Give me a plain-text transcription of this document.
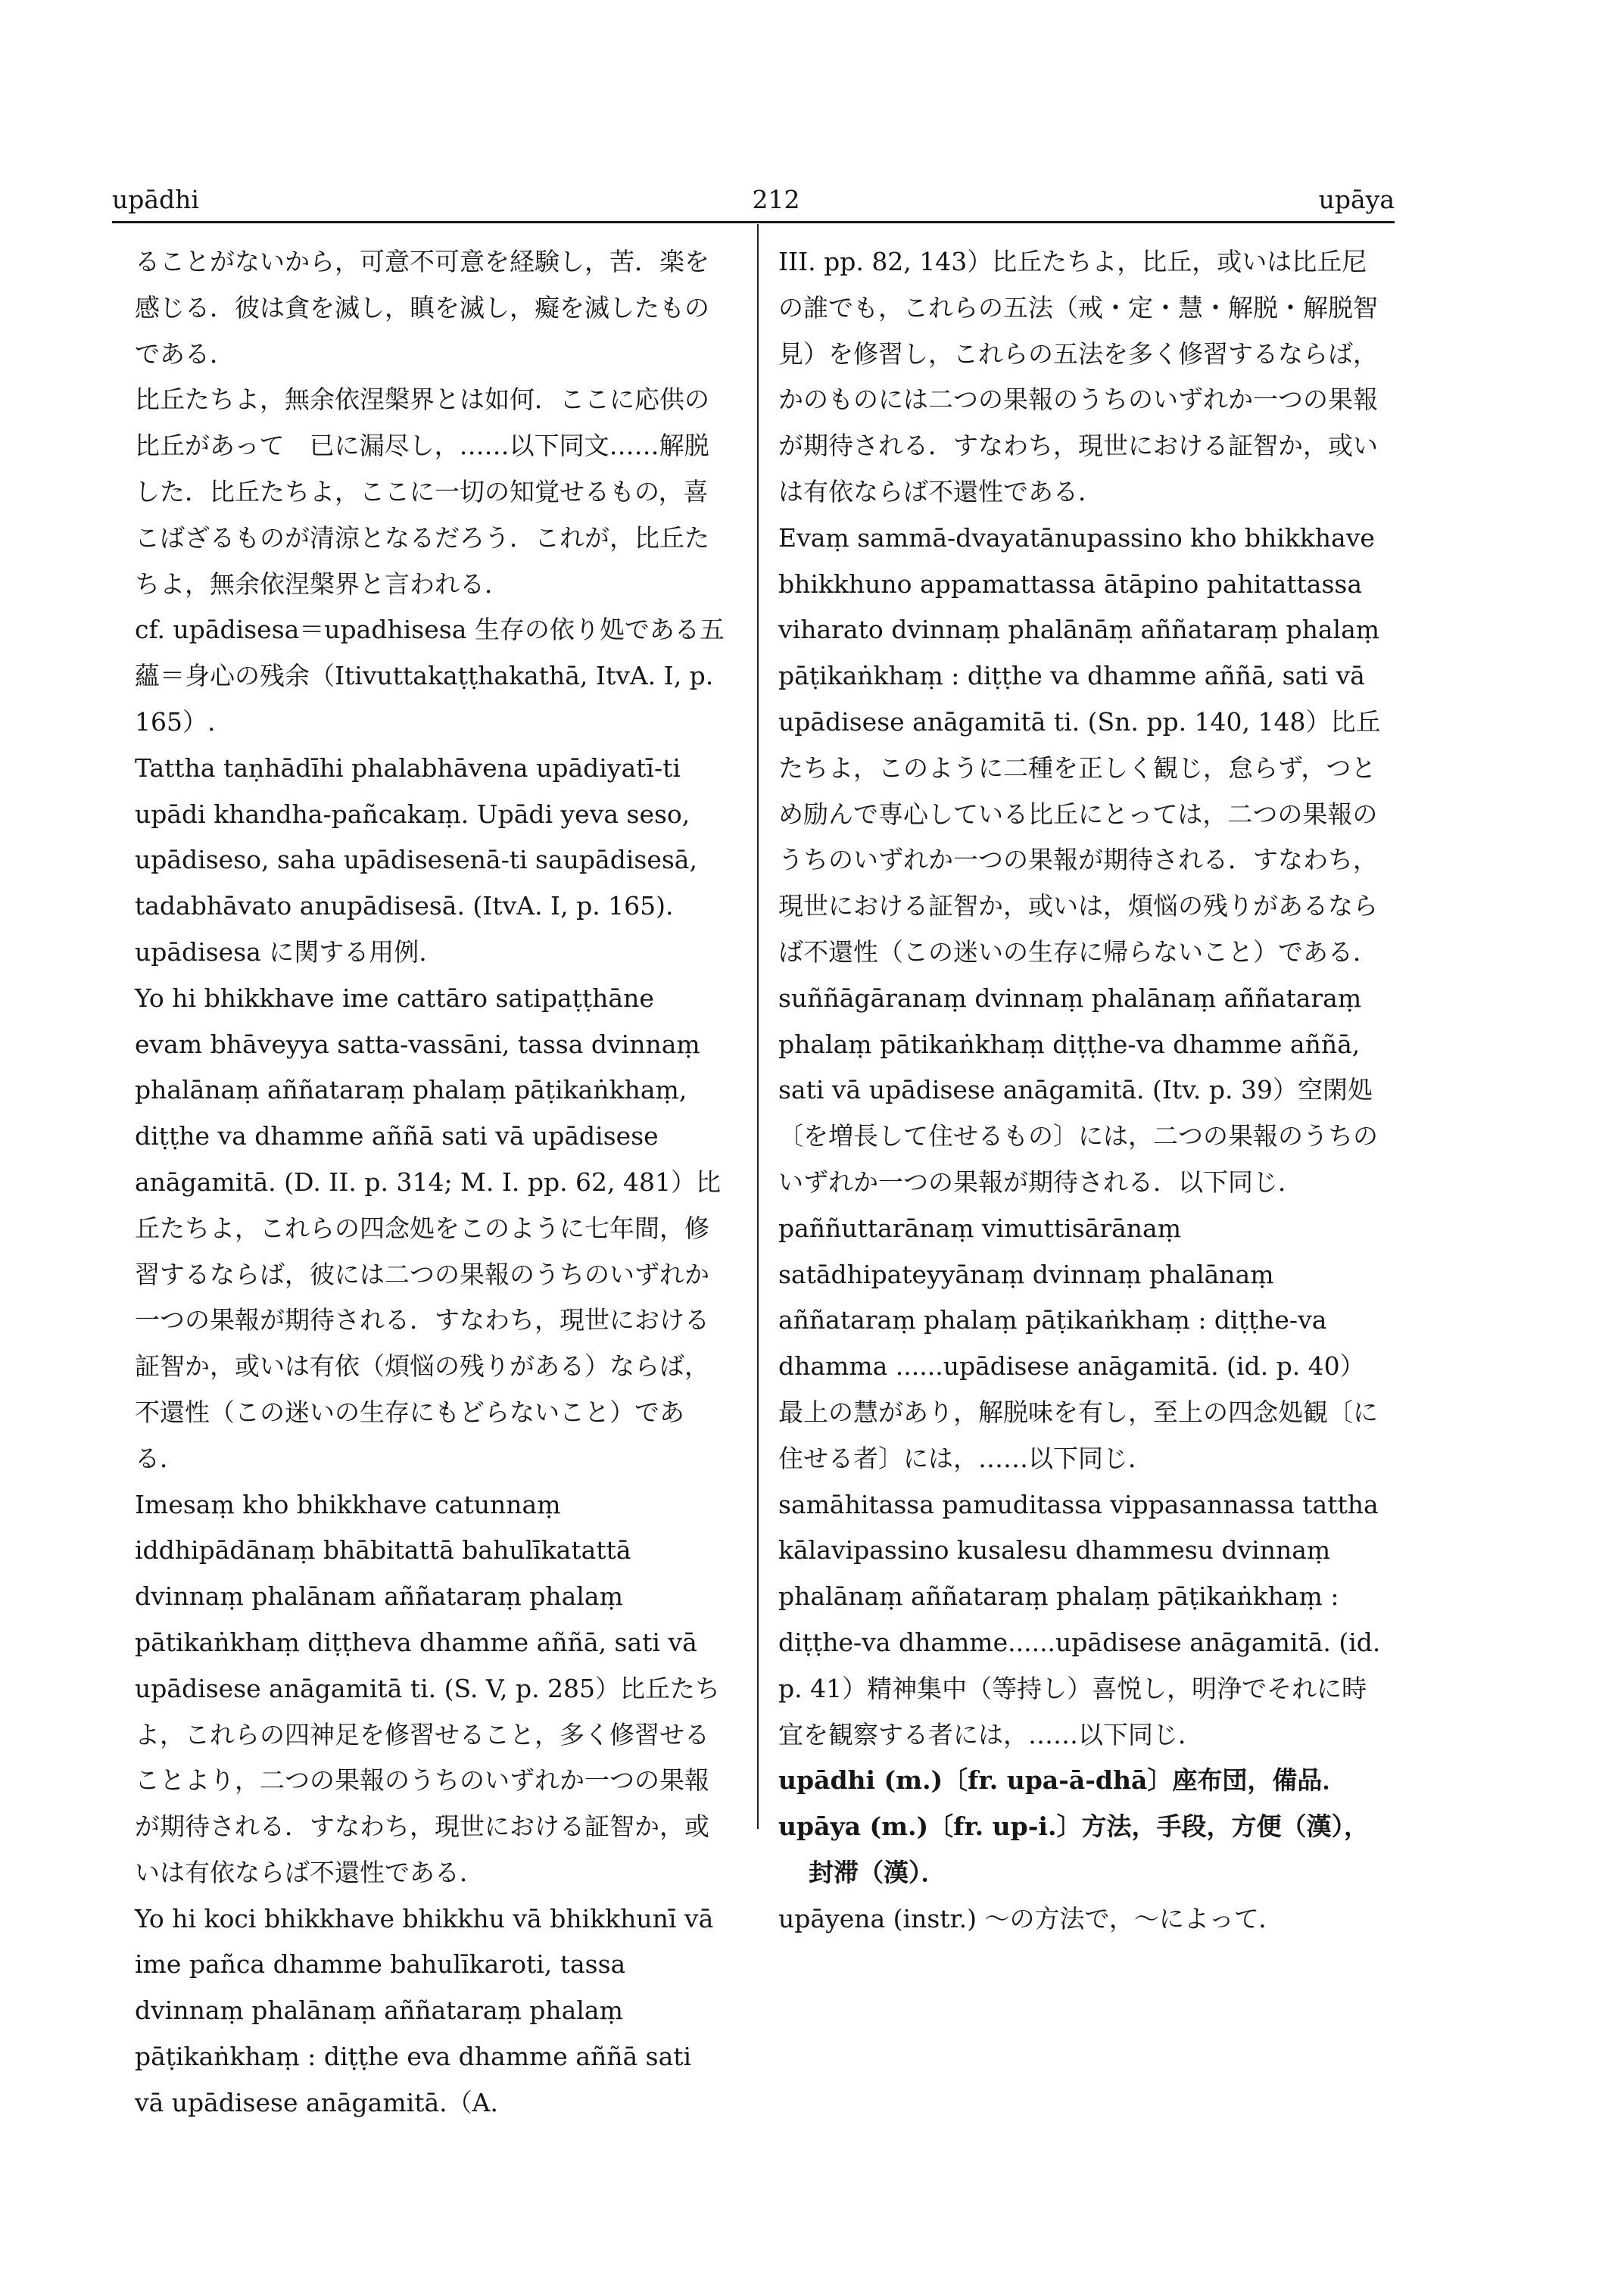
upādhi	212	upāya

ることがないから，可意不可意を経験し，苦．楽を感じる．彼は貪を滅し，瞋を滅し，癡を滅したものである．

比丘たちよ，無余依涅槃界とは如何．ここに応供の比丘があって　已に漏尽し，……以下同文……解脱した．比丘たちよ，ここに一切の知覚せるもの，喜こばざるものが清涼となるだろう．これが，比丘たちよ，無余依涅槃界と言われる．

cf. upādisesa＝upadhisesa 生存の依り処である五蘊＝身心の残余（Itivuttakaṭṭhakathā, ItvA. I, p. 165）.

Tattha taṇhādīhi phalabhāvena upādiyatī-ti upādi khandha-pañcakaṃ. Upādi yeva seso, upādiseso, saha upādisesenā-ti saupādisesā, tadabhāvato anupādisesā. (ItvA. I, p. 165).

upādisesa に関する用例.

Yo hi bhikkhave ime cattāro satipaṭṭhāne evam bhāveyya satta-vassāni, tassa dvinnaṃ phalānaṃ aññataraṃ phalaṃ pāṭikaṅkhaṃ, diṭṭhe va dhamme aññā sati vā upādisese anāgamitā. (D. II. p. 314; M. I. pp. 62, 481）比丘たちよ，これらの四念処をこのように七年間，修習するならば，彼には二つの果報のうちのいずれか一つの果報が期待される．すなわち，現世における証智か，或いは有依（煩悩の残りがある）ならば，不還性（この迷いの生存にもどらないこと）である．

Imesaṃ kho bhikkhave catunnaṃ iddhipādānaṃ bhābitattā bahulīkatattā dvinnaṃ phalānam aññataraṃ phalaṃ pātikaṅkhaṃ diṭṭheva dhamme aññā, sati vā upādisese anāgamitā ti. (S. V, p. 285）比丘たちよ，これらの四神足を修習せること，多く修習せることより，二つの果報のうちのいずれか一つの果報が期待される．すなわち，現世における証智か，或いは有依ならば不還性である．

Yo hi koci bhikkhave bhikkhu vā bhikkhunī vā ime pañca dhamme bahulīkaroti, tassa dvinnaṃ phalānaṃ aññataraṃ phalaṃ pāṭikaṅkhaṃ : diṭṭhe eva dhamme aññā sati vā upādisese anāgamitā.（A.

III. pp. 82, 143）比丘たちよ，比丘，或いは比丘尼の誰でも，これらの五法（戒・定・慧・解脱・解脱智見）を修習し，これらの五法を多く修習するならば，かのものには二つの果報のうちのいずれか一つの果報が期待される．すなわち，現世における証智か，或いは有依ならば不還性である．

Evaṃ sammā-dvayatānupassino kho bhikkhave bhikkhuno appamattassa ātāpino pahitattassa viharato dvinnaṃ phalānāṃ aññataraṃ phalaṃ pāṭikaṅkhaṃ : diṭṭhe va dhamme aññā, sati vā upādisese anāgamitā ti. (Sn. pp. 140, 148）比丘たちよ，このように二種を正しく観じ，怠らず，つとめ励んで専心している比丘にとっては，二つの果報のうちのいずれか一つの果報が期待される．すなわち，現世における証智か，或いは，煩悩の残りがあるならば不還性（この迷いの生存に帰らないこと）である．

suññāgāranaṃ dvinnaṃ phalānaṃ aññataraṃ phalaṃ pātikaṅkhaṃ diṭṭhe-va dhamme aññā, sati vā upādisese anāgamitā. (Itv. p. 39）空閑処〔を増長して住せるもの〕には，二つの果報のうちのいずれか一つの果報が期待される．以下同じ．

paññuttarānaṃ vimuttisārānaṃ satādhipateyyānaṃ dvinnaṃ phalānaṃ aññataraṃ phalaṃ pāṭikaṅkhaṃ : diṭṭhe-va dhamma ......upādisese anāgamitā. (id. p. 40）最上の慧があり，解脱味を有し，至上の四念処観〔に住せる者〕には，……以下同じ．

samāhitassa pamuditassa vippasannassa tattha kālavipassino kusalesu dhammesu dvinnaṃ phalānaṃ aññataraṃ phalaṃ pāṭikaṅkhaṃ : diṭṭhe-va dhamme......upādisese anāgamitā. (id. p. 41）精神集中（等持し）喜悦し，明浄でそれに時宜を観察する者には，……以下同じ．

upādhi (m.)〔fr. upa-ā-dhā〕座布団，備品．

upāya (m.)〔fr. up-i.〕方法，手段，方便（漢），封滞（漢）．

upāyena (instr.) 〜の方法で，〜によって．
